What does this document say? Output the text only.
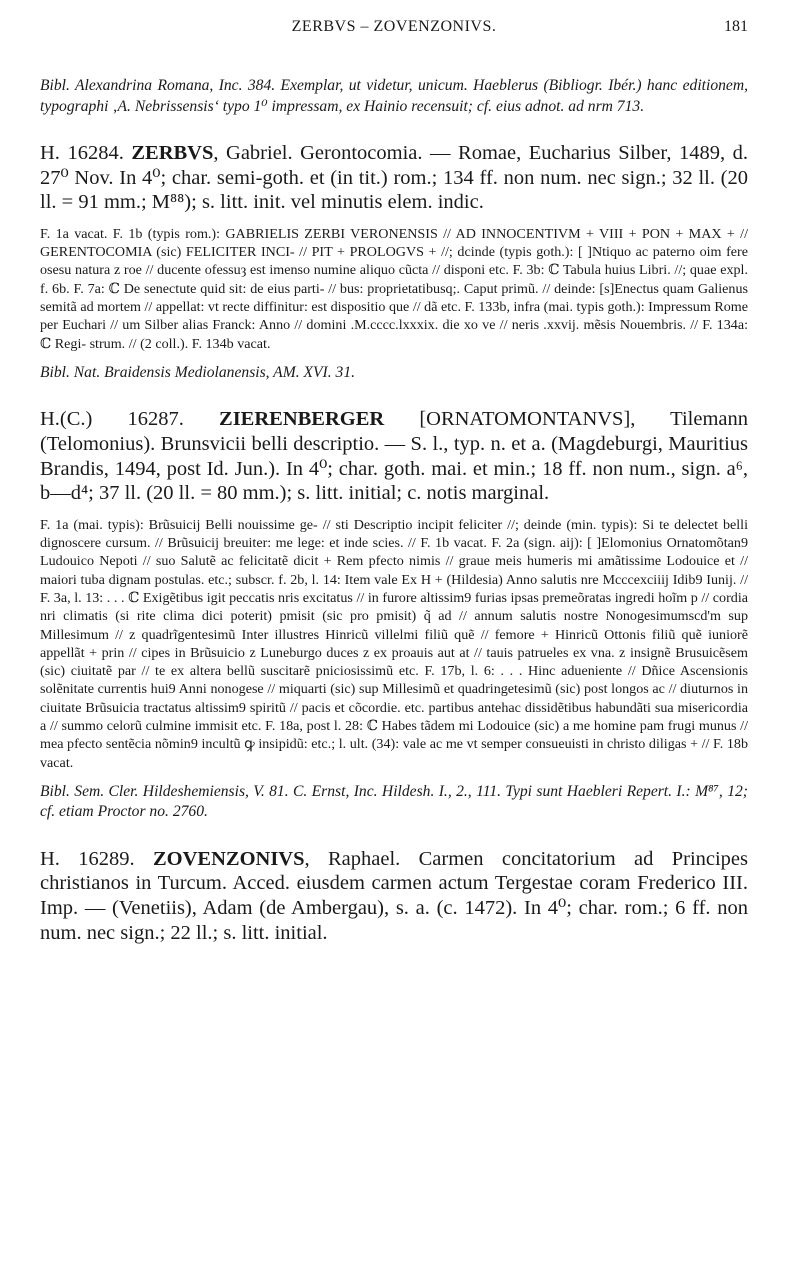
ZERBVS – ZOVENZONIVS.	181

Bibl. Alexandrina Romana, Inc. 384. Exemplar, ut videtur, unicum. Haeblerus (Bibliogr. Ibér.) hanc editionem, typographi ‚A. Nebrissensis‘ typo 1⁰ impressam, ex Hainio recensuit; cf. eius adnot. ad nrm 713.

H. 16284. ZERBVS, Gabriel. Gerontocomia. — Romae, Eucharius Silber, 1489, d. 27⁰ Nov. In 4⁰; char. semi-goth. et (in tit.) rom.; 134 ff. non num. nec sign.; 32 ll. (20 ll. = 91 mm.; M⁸⁸); s. litt. init. vel minutis elem. indic.

F. 1a vacat. F. 1b (typis rom.): GABRIELIS ZERBI VERONENSIS // AD INNOCENTIVM + VIII + PON + MAX + // GERENTOCOMIA (sic) FELICITER INCI- // PIT + PROLOGVS + //; dcinde (typis goth.): [ ]Ntiquo ac paterno oim fere osesu natura z roe // ducente ofessuȝ est imenso numine aliquo cũcta // disponi etc. F. 3b: ℂ Tabula huius Libri. //; quae expl. f. 6b. F. 7a: ℂ De senectute quid sit: de eius parti- // bus: proprietatibusq;. Caput primũ. // deinde: [s]Enectus quam Galienus semitã ad mortem // appellat: vt recte diffinitur: est dispositio que // dã etc. F. 133b, infra (mai. typis goth.): Impressum Rome per Euchari // um Silber alias Franck: Anno // domini .M.cccc.lxxxix. die xo ve // neris .xxvij. mẽsis Nouembris. // F. 134a: ℂ Regi- strum. // (2 coll.). F. 134b vacat.

Bibl. Nat. Braidensis Mediolanensis, AM. XVI. 31.

H.(C.) 16287. ZIERENBERGER [ORNATOMONTANVS], Tilemann (Telomonius). Brunsvicii belli descriptio. — S. l., typ. n. et a. (Magdeburgi, Mauritius Brandis, 1494, post Id. Jun.). In 4⁰; char. goth. mai. et min.; 18 ff. non num., sign. a⁶, b—d⁴; 37 ll. (20 ll. = 80 mm.); s. litt. initial; c. notis marginal.

F. 1a (mai. typis): Brũsuicij Belli nouissime ge- // sti Descriptio incipit feliciter //; deinde (min. typis): Si te delectet belli dignoscere cursum. // Brũsuicij breuiter: me lege: et inde scies. // F. 1b vacat. F. 2a (sign. aij): [ ]Elomonius Ornatomõtan9 Ludouico Nepoti // suo Salutẽ ac felicitatẽ dicit + Rem pfecto nimis // graue meis humeris mi amãtissime Lodouice et // maiori tuba dignam postulas. etc.; subscr. f. 2b, l. 14: Item vale Ex H + (Hildesia) Anno salutis nre Mcccexciiij Idib9 Iunij. // F. 3a, l. 13: . . . ℂ Exigẽtibus igit peccatis nris excitatus // in furore altissim9 furias ipsas premeõratas ingredi hoĩm p // cordia nri climatis (si rite clima dici poterit) pmisit (sic pro pmisit) q̃ ad // annum salutis nostre Nonogesimumscd'm sup Millesimum // z quadrĩgentesimũ Inter illustres Hinricũ villelmi filiũ quẽ // femore + Hinricũ Ottonis filiũ quẽ iuniorẽ appellãt + prin // cipes in Brũsuicio z Luneburgo duces z ex proauis aut at // tauis patrueles ex vna. z insignẽ Brusuicẽsem (sic) ciuitatẽ par // te ex altera bellũ suscitarẽ pniciosissimũ etc. F. 17b, l. 6: . . . Hinc adueniente // Dñice Ascensionis solẽnitate currentis hui9 Anni nonogese // miquarti (sic) sup Millesimũ et quadringetesimũ (sic) post longos ac // diuturnos in ciuitate Brũsuicia tractatus altissim9 spiritũ // pacis et cõcordie. etc. partibus antehac dissidẽtibus habundãti sua misericordia a // summo celorũ culmine immisit etc. F. 18a, post l. 28: ℂ Habes tãdem mi Lodouice (sic) a me homine pam frugi munus // mea pfecto sentẽcia nõmin9 incultũ ꝙ insipidũ: etc.; l. ult. (34): vale ac me vt semper consueuisti in christo diligas + // F. 18b vacat.

Bibl. Sem. Cler. Hildeshemiensis, V. 81. C. Ernst, Inc. Hildesh. I., 2., 111. Typi sunt Haebleri Repert. I.: M⁸⁷, 12; cf. etiam Proctor no. 2760.

H. 16289. ZOVENZONIVS, Raphael. Carmen concitatorium ad Principes christianos in Turcum. Acced. eiusdem carmen actum Tergestae coram Frederico III. Imp. — (Venetiis), Adam (de Ambergau), s. a. (c. 1472). In 4⁰; char. rom.; 6 ff. non num. nec sign.; 22 ll.; s. litt. initial.
